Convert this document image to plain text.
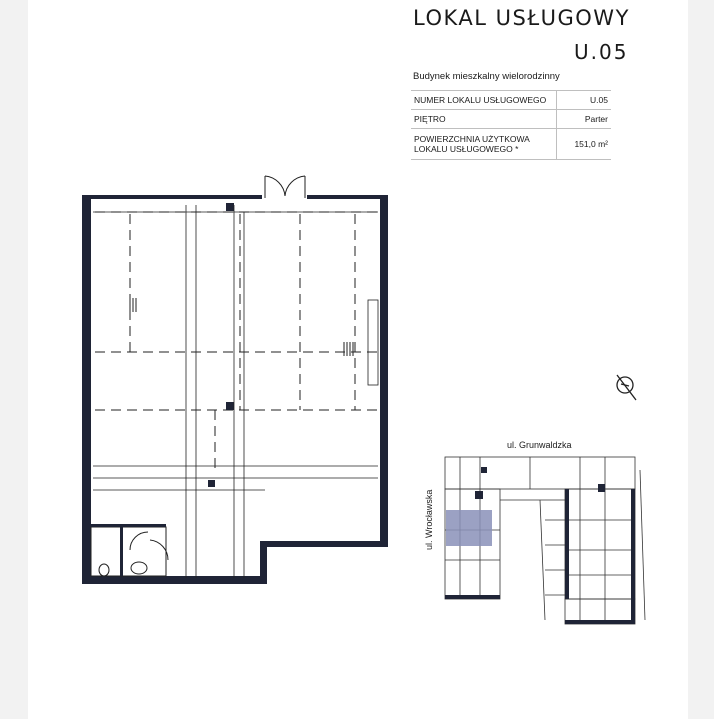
LOKAL USŁUGOWY
U.05
Budynek mieszkalny wielorodzinny
NUMER LOKALU USŁUGOWEGO	U.05
PIĘTRO	Parter
POWIERZCHNIA UŻYTKOWA LOKALU USŁUGOWEGO *	151,0 m²
ul. Grunwaldzka
ul. Wrocławska
